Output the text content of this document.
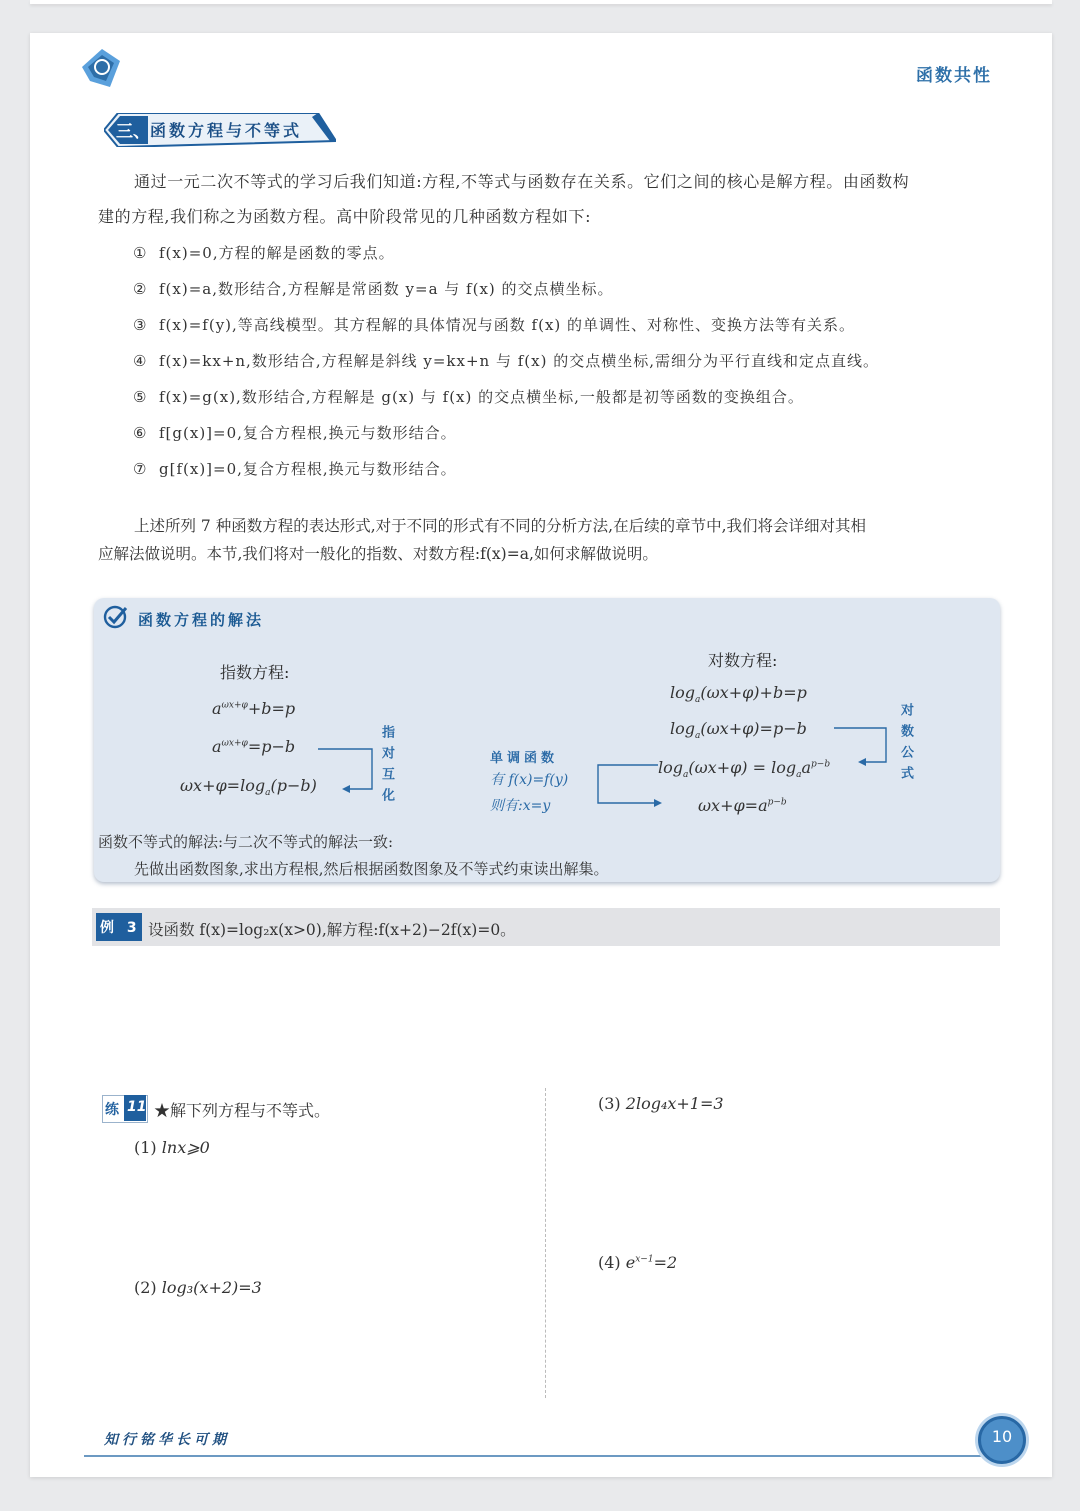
函数共性
三、 函数方程与不等式
通过一元二次不等式的学习后我们知道:方程,不等式与函数存在关系。它们之间的核心是解方程。由函数构
建的方程,我们称之为函数方程。高中阶段常见的几种函数方程如下:
① f(x)=0,方程的解是函数的零点。
② f(x)=a,数形结合,方程解是常函数 y=a 与 f(x) 的交点横坐标。
③ f(x)=f(y),等高线模型。其方程解的具体情况与函数 f(x) 的单调性、对称性、变换方法等有关系。
④ f(x)=kx+n,数形结合,方程解是斜线 y=kx+n 与 f(x) 的交点横坐标,需细分为平行直线和定点直线。
⑤ f(x)=g(x),数形结合,方程解是 g(x) 与 f(x) 的交点横坐标,一般都是初等函数的变换组合。
⑥ f[g(x)]=0,复合方程根,换元与数形结合。
⑦ g[f(x)]=0,复合方程根,换元与数形结合。
上述所列 7 种函数方程的表达形式,对于不同的形式有不同的分析方法,在后续的章节中,我们将会详细对其相
应解法做说明。本节,我们将对一般化的指数、对数方程:f(x)=a,如何求解做说明。
函数方程的解法
指数方程:
$a^{\omega x+\varphi}+b=p$
$a^{\omega x+\varphi}=p-b$
$\omega x+\varphi=\log_a(p-b)$	指对互化	单调函数
有 f(x)=f(y)
则有:x=y
对数方程:
$\log_a(\omega x+\varphi)+b=p$
$\log_a(\omega x+\varphi)=p-b$
$\log_a(\omega x+\varphi) = \log_aa^{p-b}$
$\omega x+\varphi=a^{p-b}$
对数公式
函数不等式的解法:与二次不等式的解法一致:
先做出函数图象,求出方程根,然后根据函数图象及不等式约束读出解集。
例 3 设函数 f(x)=log₂x(x>0),解方程:f(x+2)−2f(x)=0。
练 11 ★解下列方程与不等式。
(1) lnx⩾0
(2) log₃(x+2)=3
(3) 2log₄x+1=3
(4) $e^{x-1}=2$
知行铭华长可期	10
